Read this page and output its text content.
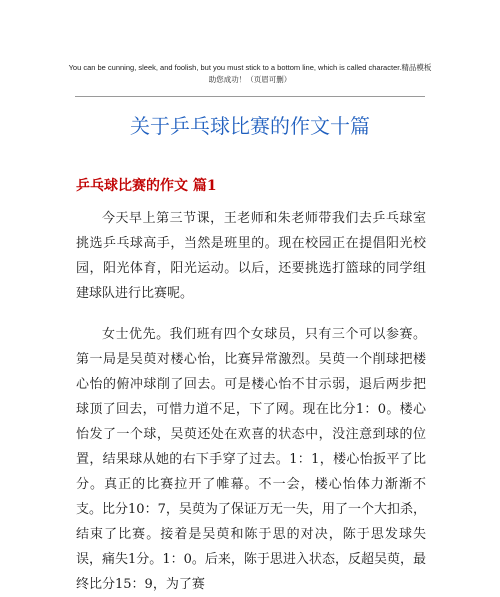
You can be cunning, sleek, and foolish, but you must stick to a bottom line, which is called character.精品模板
助您成功！（页眉可删）
关于乒乓球比赛的作文十篇
乒乓球比赛的作文 篇1

今天早上第三节课，王老师和朱老师带我们去乒乓球室挑选乒乓球高手，当然是班里的。现在校园正在提倡阳光校园，阳光体育，阳光运动。以后，还要挑选打篮球的同学组建球队进行比赛呢。

女士优先。我们班有四个女球员，只有三个可以参赛。第一局是吴萸对楼心怡，比赛异常激烈。吴萸一个削球把楼心怡的俯冲球削了回去。可是楼心怡不甘示弱，退后两步把球顶了回去，可惜力道不足，下了网。现在比分1：0。楼心怡发了一个球，吴萸还处在欢喜的状态中，没注意到球的位置，结果球从她的右下手穿了过去。1：1，楼心怡扳平了比分。真正的比赛拉开了帷幕。不一会，楼心怡体力渐渐不支。比分10：7，吴萸为了保证万无一失，用了一个大扣杀，结束了比赛。接着是吴萸和陈于思的对决，陈于思发球失误，痛失1分。1：0。后来，陈于思进入状态，反超吴萸，最终比分15：9，为了赛
